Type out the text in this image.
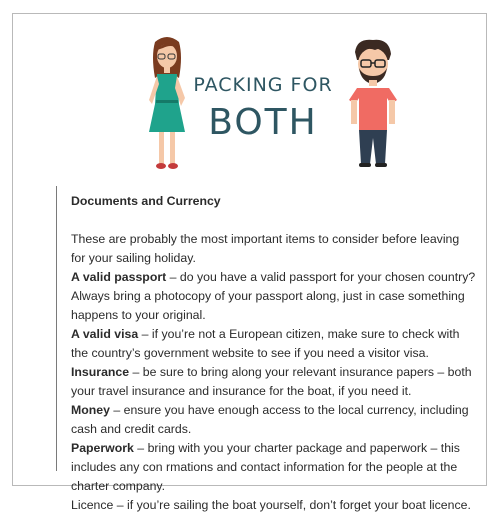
PACKING FOR
BOTH
Documents and Currency

These are probably the most important items to consider before leaving for your sailing holiday.

A valid passport – do you have a valid passport for your chosen country? Always bring a photocopy of your passport along, just in case something happens to your original.

A valid visa – if you’re not a European citizen, make sure to check with the country’s government website to see if you need a visitor visa.

Insurance – be sure to bring along your relevant insurance papers – both your travel insurance and insurance for the boat, if you need it.

Money – ensure you have enough access to the local currency, including cash and credit cards.

Paperwork – bring with you your charter package and paperwork – this includes any con rmations and contact information for the people at the charter company.

Licence – if you’re sailing the boat yourself, don’t forget your boat licence.
